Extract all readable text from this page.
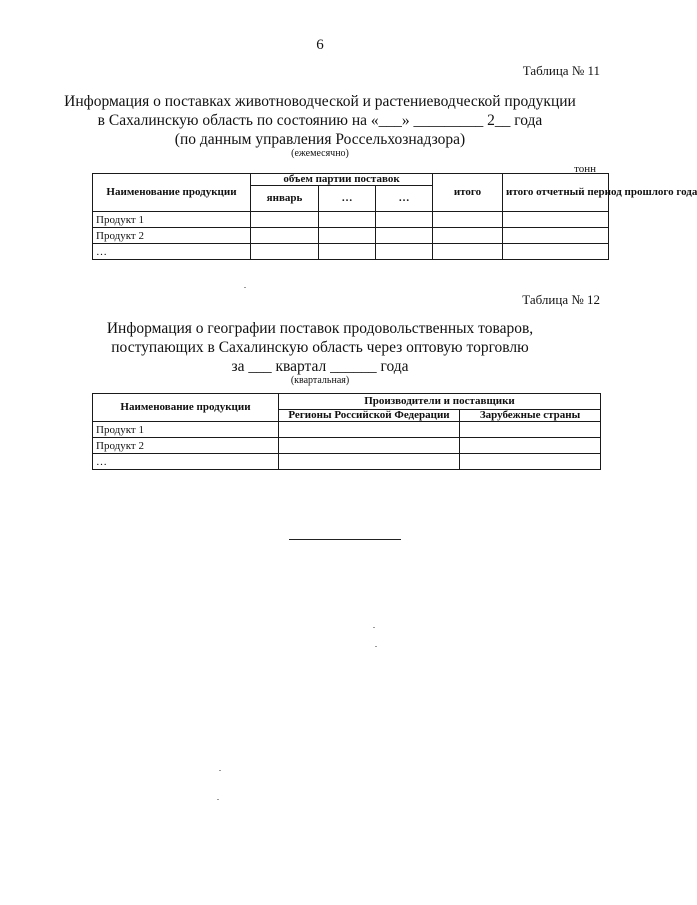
6
Таблица № 11
Информация о поставках животноводческой и растениеводческой продукции
в Сахалинскую область по состоянию на «___» _________ 2__ года
(по данным управления Россельхознадзора)
(ежемесячно)
тонн
Наименование продукции	объем партии поставок			итого	итого отчетный период прошлого года
	январь	…	…		
Продукт 1					
Продукт 2					
…					
Таблица № 12
Информация о географии поставок продовольственных товаров,
поступающих в Сахалинскую область через оптовую торговлю
за ___ квартал ______ года
(квартальная)
Наименование продукции	Производители и поставщики	
	Регионы Российской Федерации	Зарубежные страны
Продукт 1		
Продукт 2		
…		
